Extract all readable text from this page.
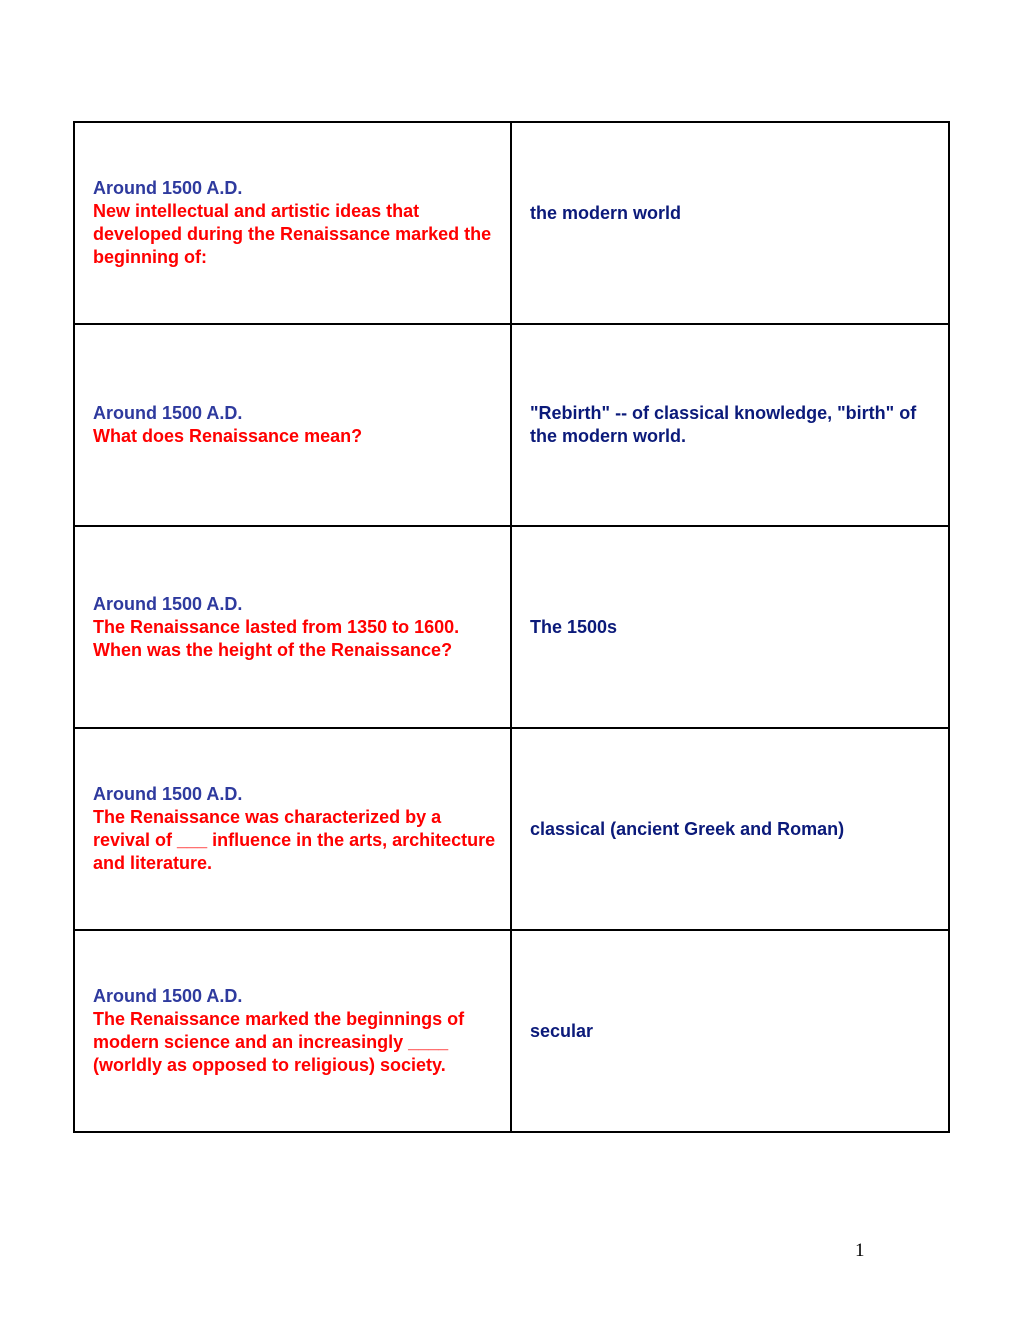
Around 1500 A.D.
New intellectual and artistic ideas that developed during the Renaissance marked the beginning of:	the modern world

Around 1500 A.D.
What does Renaissance mean?	"Rebirth" -- of classical knowledge, "birth" of the modern world.

Around 1500 A.D.
The Renaissance lasted from 1350 to 1600. When was the height of the Renaissance?	The 1500s

Around 1500 A.D.
The Renaissance was characterized by a revival of ___ influence in the arts, architecture and literature.	classical (ancient Greek and Roman)

Around 1500 A.D.
The Renaissance marked the beginnings of modern science and an increasingly ____ (worldly as opposed to religious) society.	secular
1
